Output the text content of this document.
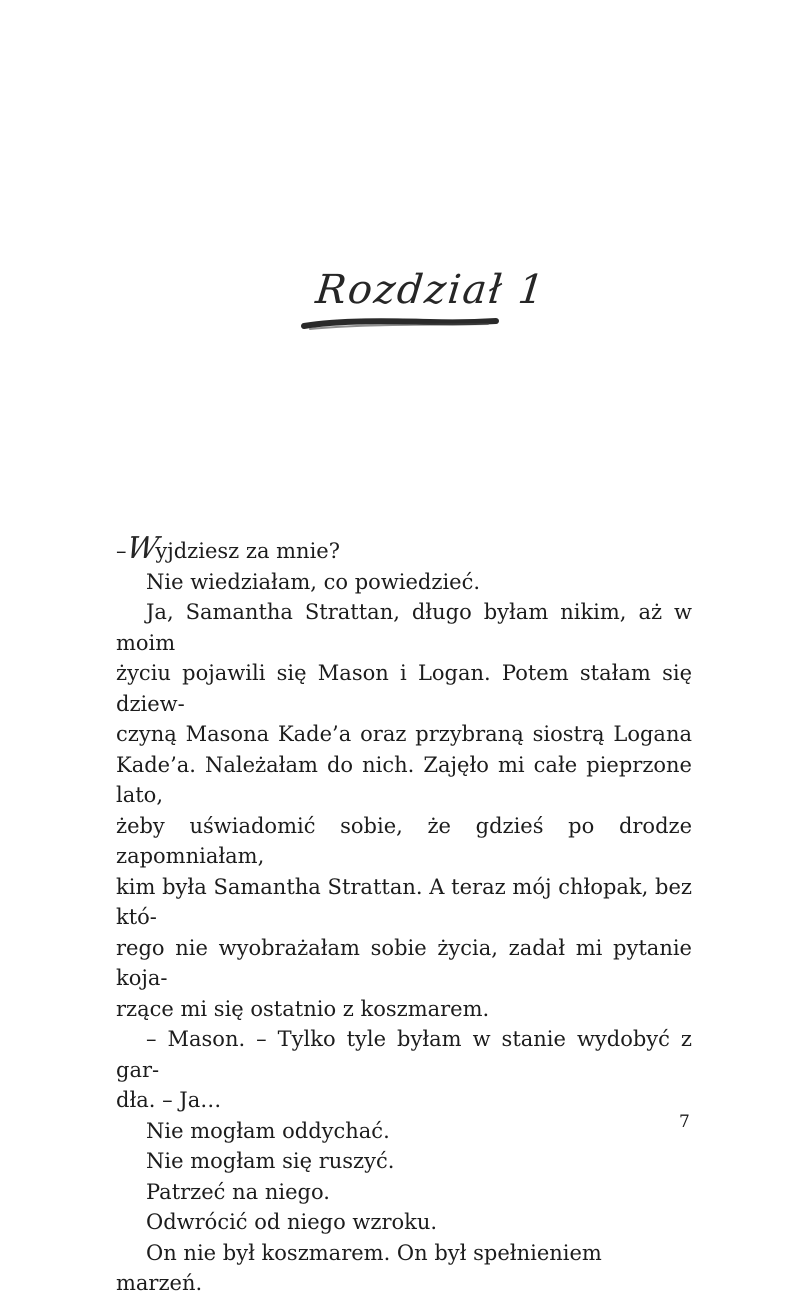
Rozdział 1

–Wyjdziesz za mnie?

Nie wiedziałam, co powiedzieć.

Ja, Samantha Strattan, długo byłam nikim, aż w moim
życiu pojawili się Mason i Logan. Potem stałam się dziew-
czyną Masona Kade’a oraz przybraną siostrą Logana
Kade’a. Należałam do nich. Zajęło mi całe pieprzone lato,
żeby uświadomić sobie, że gdzieś po drodze zapomniałam,
kim była Samantha Strattan. A teraz mój chłopak, bez któ-
rego nie wyobrażałam sobie życia, zadał mi pytanie koja-
rzące mi się ostatnio z koszmarem.
– Mason. – Tylko tyle byłam w stanie wydobyć z gar-
dła. – Ja…

Nie mogłam oddychać.

Nie mogłam się ruszyć.

Patrzeć na niego.

Odwrócić od niego wzroku.

On nie był koszmarem. On był spełnieniem marzeń.

7
